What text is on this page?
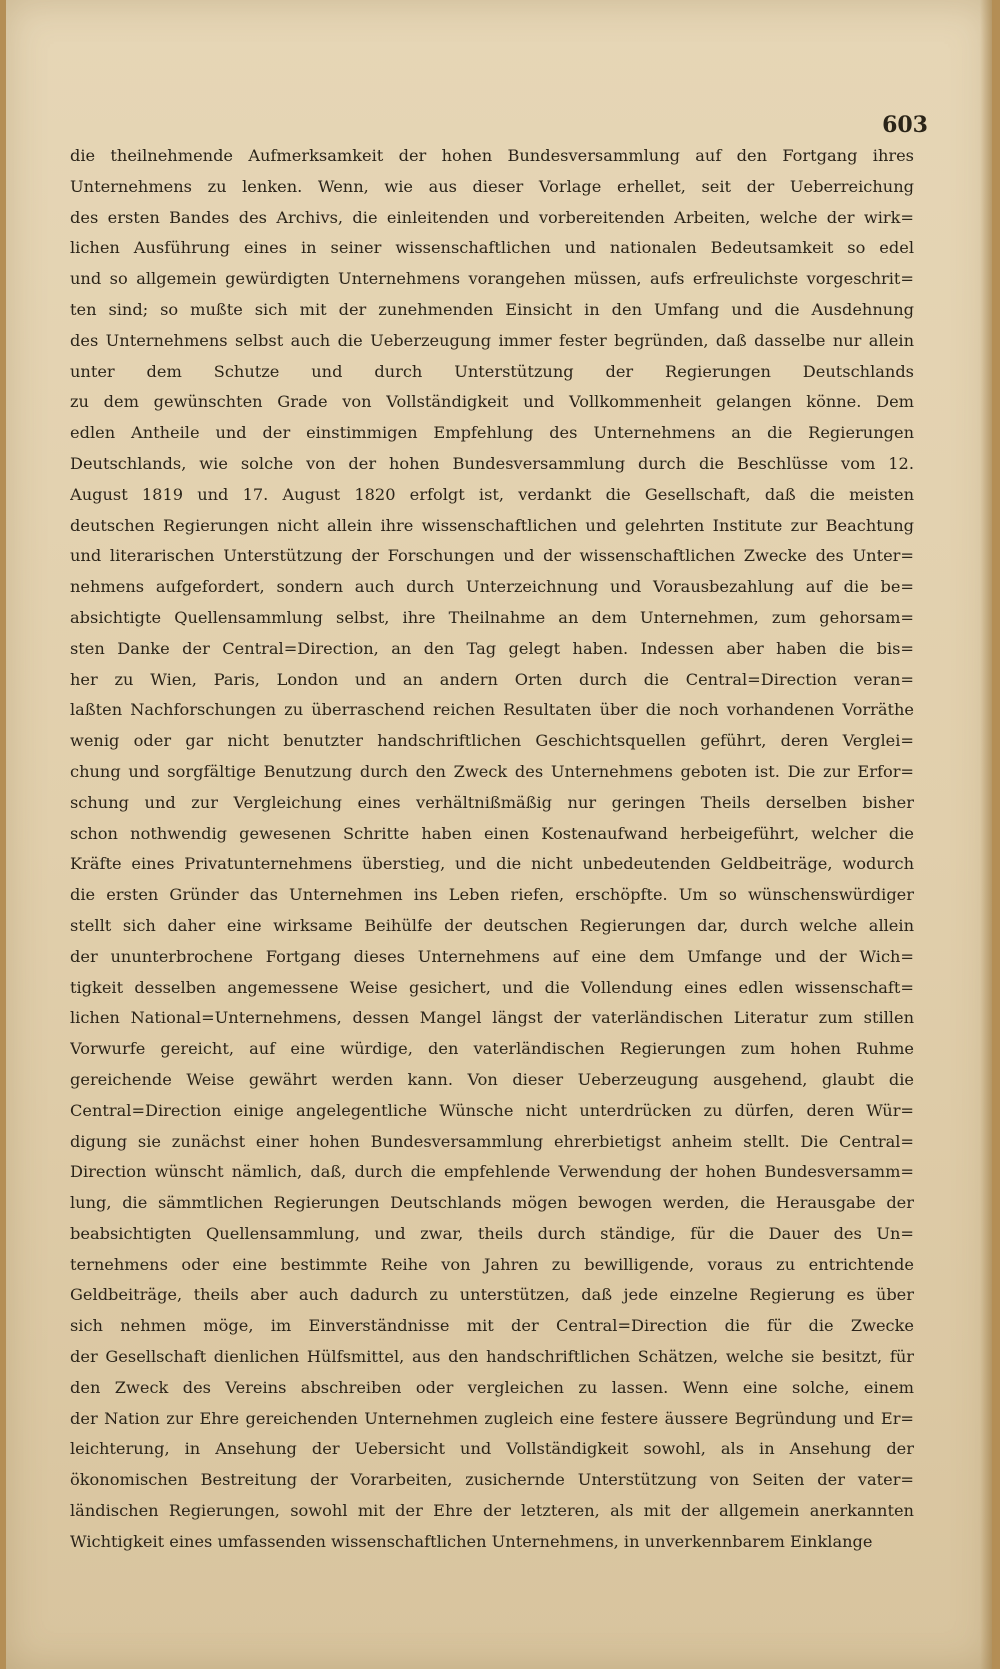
603
die theilnehmende Aufmerksamkeit der hohen Bundesversammlung auf den Fortgang ihres
Unternehmens zu lenken. Wenn, wie aus dieser Vorlage erhellet, seit der Ueberreichung
des ersten Bandes des Archivs, die einleitenden und vorbereitenden Arbeiten, welche der wirk=
lichen Ausführung eines in seiner wissenschaftlichen und nationalen Bedeutsamkeit so edel
und so allgemein gewürdigten Unternehmens vorangehen müssen, aufs erfreulichste vorgeschrit=
ten sind; so mußte sich mit der zunehmenden Einsicht in den Umfang und die Ausdehnung
des Unternehmens selbst auch die Ueberzeugung immer fester begründen, daß dasselbe nur allein
unter dem Schutze und durch Unterstützung der Regierungen Deutschlands
zu dem gewünschten Grade von Vollständigkeit und Vollkommenheit gelangen könne. Dem
edlen Antheile und der einstimmigen Empfehlung des Unternehmens an die Regierungen
Deutschlands, wie solche von der hohen Bundesversammlung durch die Beschlüsse vom 12.
August 1819 und 17. August 1820 erfolgt ist, verdankt die Gesellschaft, daß die meisten
deutschen Regierungen nicht allein ihre wissenschaftlichen und gelehrten Institute zur Beachtung
und literarischen Unterstützung der Forschungen und der wissenschaftlichen Zwecke des Unter=
nehmens aufgefordert, sondern auch durch Unterzeichnung und Vorausbezahlung auf die be=
absichtigte Quellensammlung selbst, ihre Theilnahme an dem Unternehmen, zum gehorsam=
sten Danke der Central=Direction, an den Tag gelegt haben. Indessen aber haben die bis=
her zu Wien, Paris, London und an andern Orten durch die Central=Direction veran=
laßten Nachforschungen zu überraschend reichen Resultaten über die noch vorhandenen Vorräthe
wenig oder gar nicht benutzter handschriftlichen Geschichtsquellen geführt, deren Verglei=
chung und sorgfältige Benutzung durch den Zweck des Unternehmens geboten ist. Die zur Erfor=
schung und zur Vergleichung eines verhältnißmäßig nur geringen Theils derselben bisher
schon nothwendig gewesenen Schritte haben einen Kostenaufwand herbeigeführt, welcher die
Kräfte eines Privatunternehmens überstieg, und die nicht unbedeutenden Geldbeiträge, wodurch
die ersten Gründer das Unternehmen ins Leben riefen, erschöpfte. Um so wünschenswürdiger
stellt sich daher eine wirksame Beihülfe der deutschen Regierungen dar, durch welche allein
der ununterbrochene Fortgang dieses Unternehmens auf eine dem Umfange und der Wich=
tigkeit desselben angemessene Weise gesichert, und die Vollendung eines edlen wissenschaft=
lichen National=Unternehmens, dessen Mangel längst der vaterländischen Literatur zum stillen
Vorwurfe gereicht, auf eine würdige, den vaterländischen Regierungen zum hohen Ruhme
gereichende Weise gewährt werden kann. Von dieser Ueberzeugung ausgehend, glaubt die
Central=Direction einige angelegentliche Wünsche nicht unterdrücken zu dürfen, deren Wür=
digung sie zunächst einer hohen Bundesversammlung ehrerbietigst anheim stellt. Die Central=
Direction wünscht nämlich, daß, durch die empfehlende Verwendung der hohen Bundesversamm=
lung, die sämmtlichen Regierungen Deutschlands mögen bewogen werden, die Herausgabe der
beabsichtigten Quellensammlung, und zwar, theils durch ständige, für die Dauer des Un=
ternehmens oder eine bestimmte Reihe von Jahren zu bewilligende, voraus zu entrichtende
Geldbeiträge, theils aber auch dadurch zu unterstützen, daß jede einzelne Regierung es über
sich nehmen möge, im Einverständnisse mit der Central=Direction die für die Zwecke
der Gesellschaft dienlichen Hülfsmittel, aus den handschriftlichen Schätzen, welche sie besitzt, für
den Zweck des Vereins abschreiben oder vergleichen zu lassen. Wenn eine solche, einem
der Nation zur Ehre gereichenden Unternehmen zugleich eine festere äussere Begründung und Er=
leichterung, in Ansehung der Uebersicht und Vollständigkeit sowohl, als in Ansehung der
ökonomischen Bestreitung der Vorarbeiten, zusichernde Unterstützung von Seiten der vater=
ländischen Regierungen, sowohl mit der Ehre der letzteren, als mit der allgemein anerkannten
Wichtigkeit eines umfassenden wissenschaftlichen Unternehmens, in unverkennbarem Einklange
